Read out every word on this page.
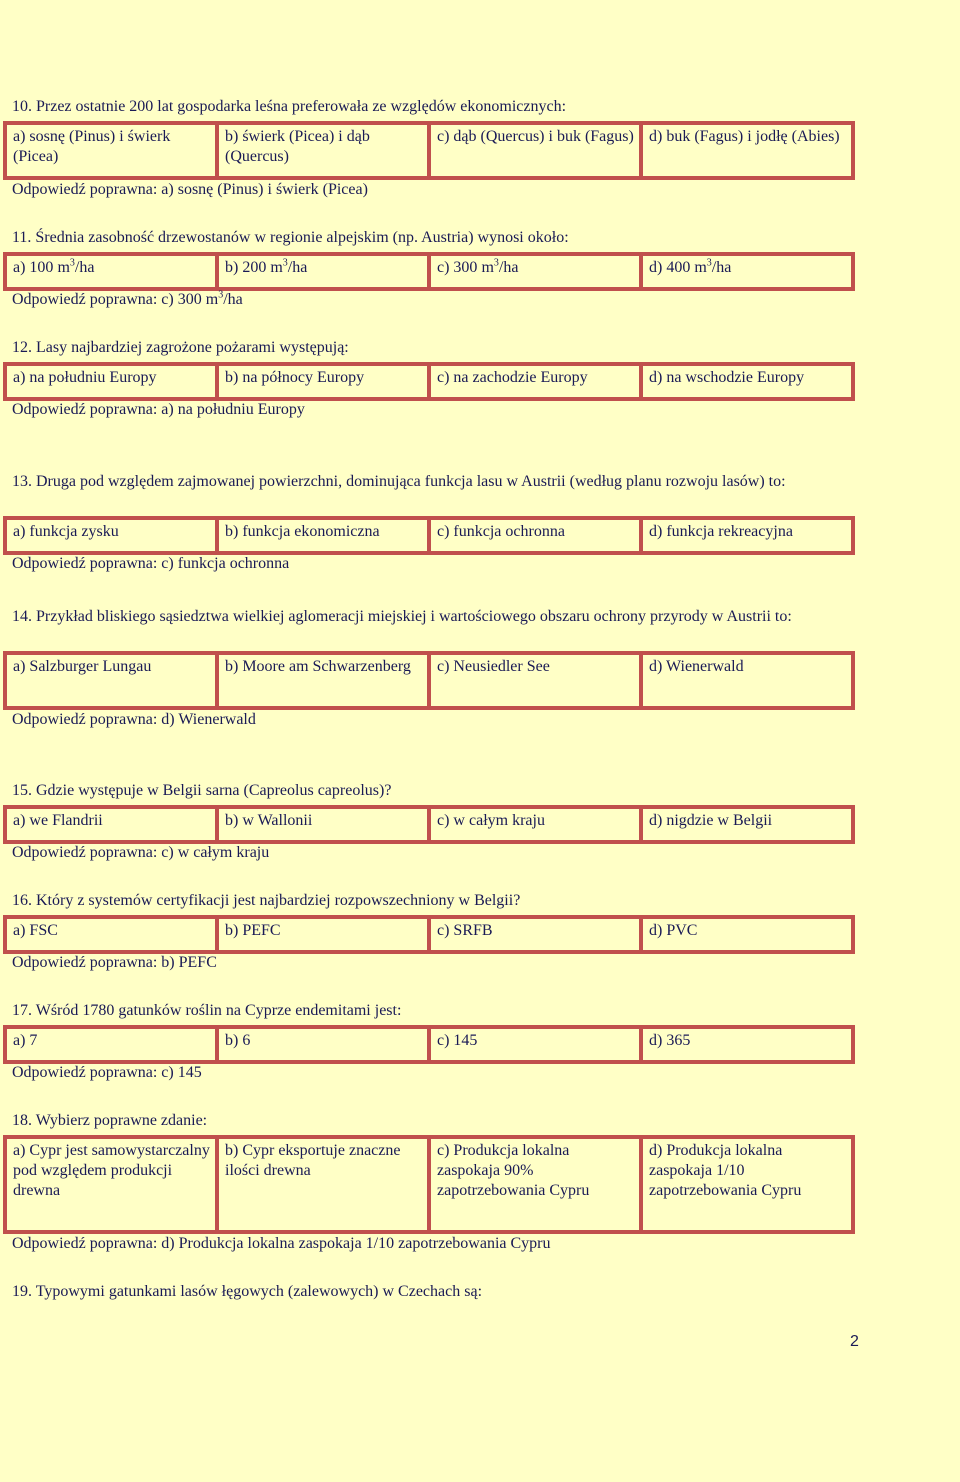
10. Przez ostatnie 200 lat gospodarka leśna preferowała ze względów ekonomicznych:
a) sosnę (Pinus) i świerk (Picea)	b) świerk (Picea) i dąb (Quercus)	c) dąb (Quercus) i buk (Fagus)	d) buk (Fagus) i jodłę (Abies)
Odpowiedź poprawna: a) sosnę (Pinus) i świerk (Picea)
11. Średnia zasobność drzewostanów w regionie alpejskim (np. Austria) wynosi około:
a) 100 $m^3/ha$	b) 200 $m^3/ha$	c) 300 $m^3/ha$	d) 400 $m^3/ha$
Odpowiedź poprawna: c) 300 $m^3/ha$
12. Lasy najbardziej zagrożone pożarami występują:
a) na południu Europy	b) na północy Europy	c) na zachodzie Europy	d) na wschodzie Europy
Odpowiedź poprawna: a) na południu Europy
13. Druga pod względem zajmowanej powierzchni, dominująca funkcja lasu w Austrii (według planu rozwoju lasów) to:
a) funkcja zysku	b) funkcja ekonomiczna	c) funkcja ochronna	d) funkcja rekreacyjna
Odpowiedź poprawna: c) funkcja ochronna
14. Przykład bliskiego sąsiedztwa wielkiej aglomeracji miejskiej i wartościowego obszaru ochrony przyrody w Austrii to:
a) Salzburger Lungau	b) Moore am Schwarzenberg	c) Neusiedler See	d) Wienerwald
Odpowiedź poprawna: d) Wienerwald
15. Gdzie występuje w Belgii sarna (Capreolus capreolus)?
a) we Flandrii	b) w Wallonii	c) w całym kraju	d) nigdzie w Belgii
Odpowiedź poprawna: c) w całym kraju
16. Który z systemów certyfikacji jest najbardziej rozpowszechniony w Belgii?
a) FSC	b) PEFC	c) SRFB	d) PVC
Odpowiedź poprawna: b) PEFC
17. Wśród 1780 gatunków roślin na Cyprze endemitami jest:
a) 7	b) 6	c) 145	d) 365
Odpowiedź poprawna: c) 145
18. Wybierz poprawne zdanie:
a) Cypr jest samowystarczalny pod względem produkcji drewna	b) Cypr eksportuje znaczne ilości drewna	c) Produkcja lokalna zaspokaja 90% zapotrzebowania Cypru	d) Produkcja lokalna zaspokaja 1/10 zapotrzebowania Cypru
Odpowiedź poprawna: d) Produkcja lokalna zaspokaja 1/10 zapotrzebowania Cypru
19. Typowymi gatunkami lasów łęgowych (zalewowych) w Czechach są:
2
